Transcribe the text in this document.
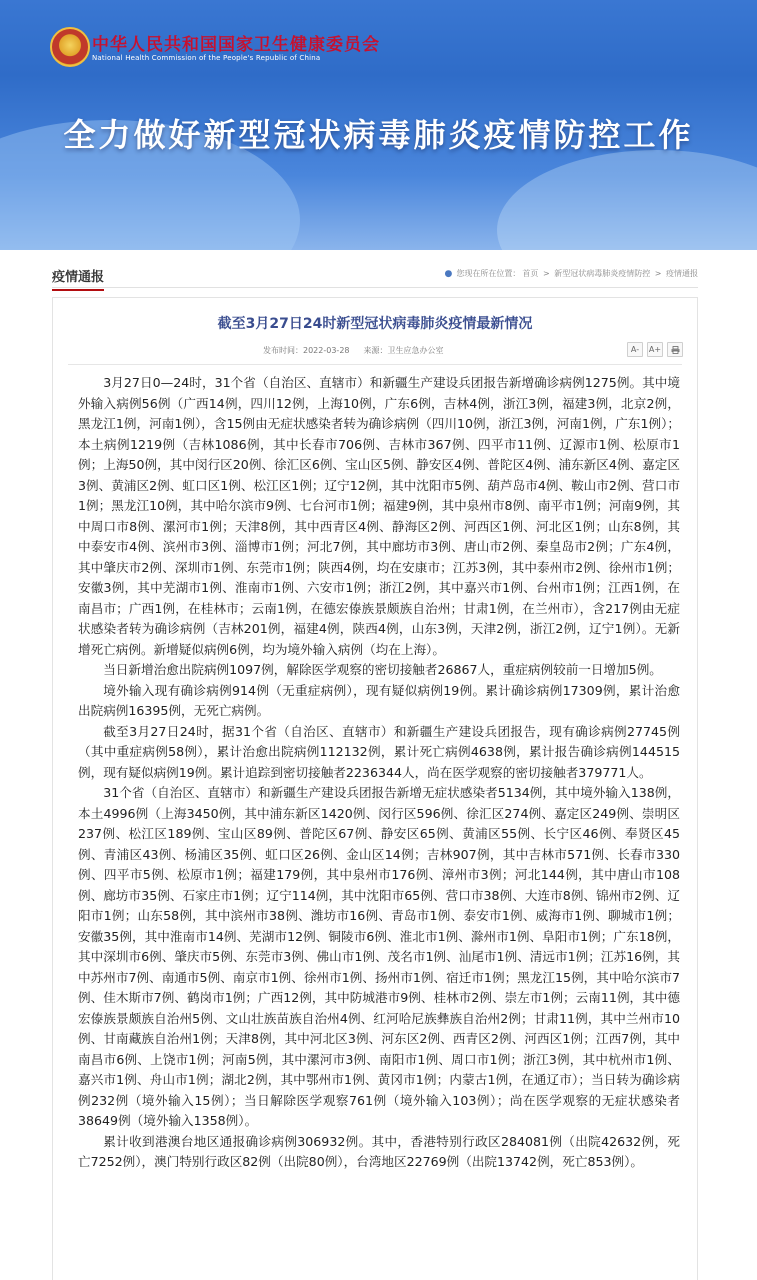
中华人民共和国国家卫生健康委员会
National Health Commission of the People's Republic of China
全力做好新型冠状病毒肺炎疫情防控工作
疫情通报	● 您现在所在位置： 首页 > 新型冠状病毒肺炎疫情防控 > 疫情通报
截至3月27日24时新型冠状病毒肺炎疫情最新情况
发布时间：2022-03-28 来源：卫生应急办公室	A- A+

3月27日0—24时，31个省（自治区、直辖市）和新疆生产建设兵团报告新增确诊病例1275例。其中境外输入病例56例（广西14例，四川12例，上海10例，广东6例，吉林4例，浙江3例，福建3例，北京2例，黑龙江1例，河南1例），含15例由无症状感染者转为确诊病例（四川10例，浙江3例，河南1例，广东1例）；本土病例1219例（吉林1086例，其中长春市706例、吉林市367例、四平市11例、辽源市1例、松原市1例；上海50例，其中闵行区20例、徐汇区6例、宝山区5例、静安区4例、普陀区4例、浦东新区4例、嘉定区3例、黄浦区2例、虹口区1例、松江区1例；辽宁12例，其中沈阳市5例、葫芦岛市4例、鞍山市2例、营口市1例；黑龙江10例，其中哈尔滨市9例、七台河市1例；福建9例，其中泉州市8例、南平市1例；河南9例，其中周口市8例、漯河市1例；天津8例，其中西青区4例、静海区2例、河西区1例、河北区1例；山东8例，其中泰安市4例、滨州市3例、淄博市1例；河北7例，其中廊坊市3例、唐山市2例、秦皇岛市2例；广东4例，其中肇庆市2例、深圳市1例、东莞市1例；陕西4例，均在安康市；江苏3例，其中泰州市2例、徐州市1例；安徽3例，其中芜湖市1例、淮南市1例、六安市1例；浙江2例，其中嘉兴市1例、台州市1例；江西1例，在南昌市；广西1例，在桂林市；云南1例，在德宏傣族景颇族自治州；甘肃1例，在兰州市），含217例由无症状感染者转为确诊病例（吉林201例，福建4例，陕西4例，山东3例，天津2例，浙江2例，辽宁1例）。无新增死亡病例。新增疑似病例6例，均为境外输入病例（均在上海）。

当日新增治愈出院病例1097例，解除医学观察的密切接触者26867人，重症病例较前一日增加5例。

境外输入现有确诊病例914例（无重症病例），现有疑似病例19例。累计确诊病例17309例，累计治愈出院病例16395例，无死亡病例。

截至3月27日24时，据31个省（自治区、直辖市）和新疆生产建设兵团报告，现有确诊病例27745例（其中重症病例58例），累计治愈出院病例112132例，累计死亡病例4638例，累计报告确诊病例144515例，现有疑似病例19例。累计追踪到密切接触者2236344人，尚在医学观察的密切接触者379771人。

31个省（自治区、直辖市）和新疆生产建设兵团报告新增无症状感染者5134例，其中境外输入138例，本土4996例（上海3450例，其中浦东新区1420例、闵行区596例、徐汇区274例、嘉定区249例、崇明区237例、松江区189例、宝山区89例、普陀区67例、静安区65例、黄浦区55例、长宁区46例、奉贤区45例、青浦区43例、杨浦区35例、虹口区26例、金山区14例；吉林907例，其中吉林市571例、长春市330例、四平市5例、松原市1例；福建179例，其中泉州市176例、漳州市3例；河北144例，其中唐山市108例、廊坊市35例、石家庄市1例；辽宁114例，其中沈阳市65例、营口市38例、大连市8例、锦州市2例、辽阳市1例；山东58例，其中滨州市38例、潍坊市16例、青岛市1例、泰安市1例、威海市1例、聊城市1例；安徽35例，其中淮南市14例、芜湖市12例、铜陵市6例、淮北市1例、滁州市1例、阜阳市1例；广东18例，其中深圳市6例、肇庆市5例、东莞市3例、佛山市1例、茂名市1例、汕尾市1例、清远市1例；江苏16例，其中苏州市7例、南通市5例、南京市1例、徐州市1例、扬州市1例、宿迁市1例；黑龙江15例，其中哈尔滨市7例、佳木斯市7例、鹤岗市1例；广西12例，其中防城港市9例、桂林市2例、崇左市1例；云南11例，其中德宏傣族景颇族自治州5例、文山壮族苗族自治州4例、红河哈尼族彝族自治州2例；甘肃11例，其中兰州市10例、甘南藏族自治州1例；天津8例，其中河北区3例、河东区2例、西青区2例、河西区1例；江西7例，其中南昌市6例、上饶市1例；河南5例，其中漯河市3例、南阳市1例、周口市1例；浙江3例，其中杭州市1例、嘉兴市1例、舟山市1例；湖北2例，其中鄂州市1例、黄冈市1例；内蒙古1例，在通辽市）；当日转为确诊病例232例（境外输入15例）；当日解除医学观察761例（境外输入103例）；尚在医学观察的无症状感染者38649例（境外输入1358例）。

累计收到港澳台地区通报确诊病例306932例。其中，香港特别行政区284081例（出院42632例，死亡7252例），澳门特别行政区82例（出院80例），台湾地区22769例（出院13742例，死亡853例）。
